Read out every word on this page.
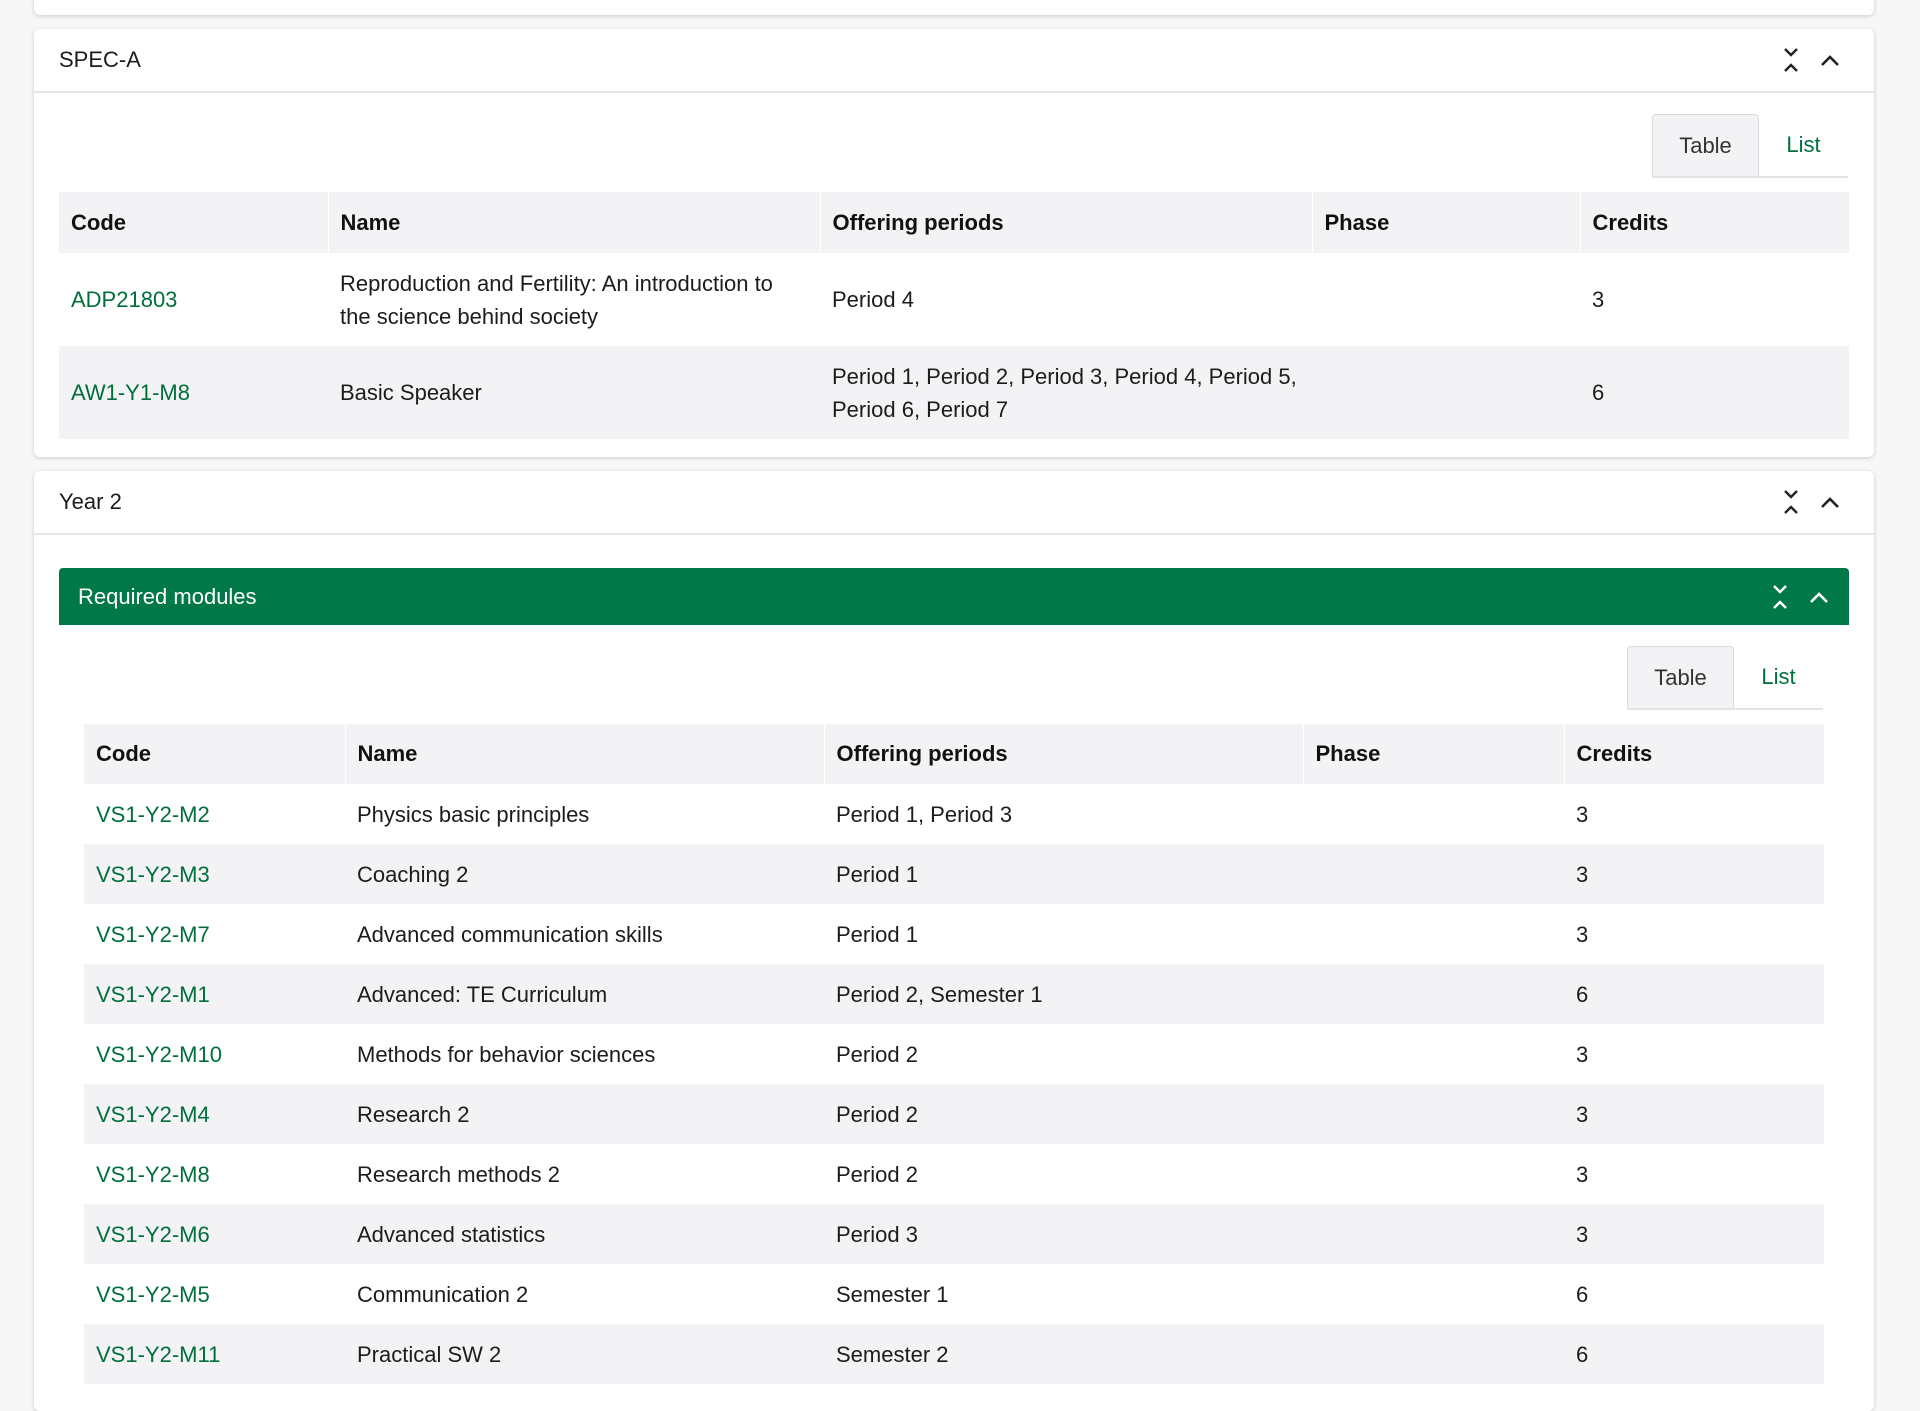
SPEC-A
Table	List
Code	Name	Offering periods	Phase	Credits
ADP21803	Reproduction and Fertility: An introduction to
the science behind society	Period 4		3
AW1-Y1-M8	Basic Speaker	Period 1, Period 2, Period 3, Period 4, Period 5,
Period 6, Period 7		6
Year 2
Required modules
Table	List
Code	Name	Offering periods	Phase	Credits
VS1-Y2-M2	Physics basic principles	Period 1, Period 3		3
VS1-Y2-M3	Coaching 2	Period 1		3
VS1-Y2-M7	Advanced communication skills	Period 1		3
VS1-Y2-M1	Advanced: TE Curriculum	Period 2, Semester 1		6
VS1-Y2-M10	Methods for behavior sciences	Period 2		3
VS1-Y2-M4	Research 2	Period 2		3
VS1-Y2-M8	Research methods 2	Period 2		3
VS1-Y2-M6	Advanced statistics	Period 3		3
VS1-Y2-M5	Communication 2	Semester 1		6
VS1-Y2-M11	Practical SW 2	Semester 2		6
